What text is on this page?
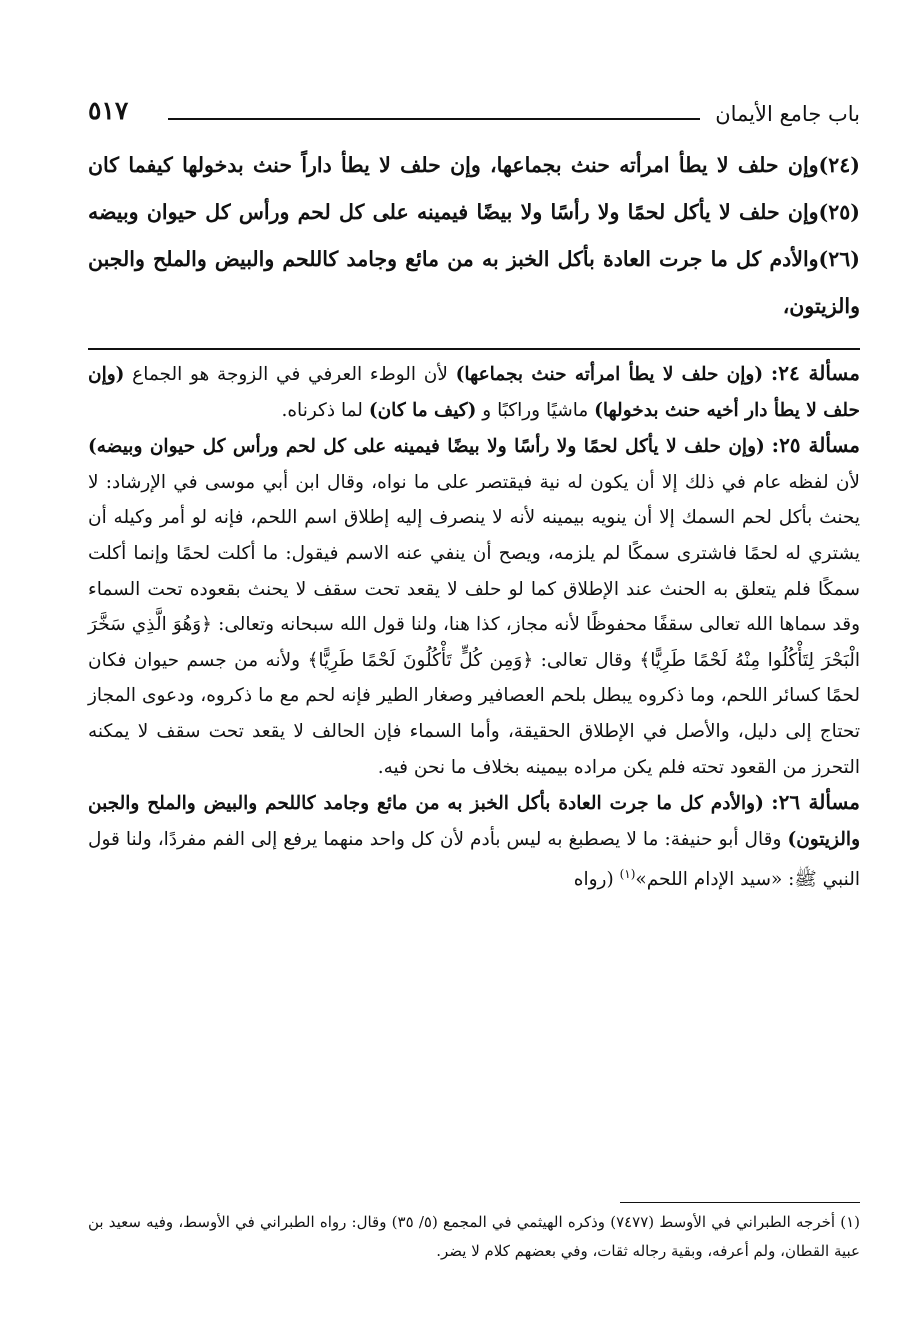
باب جامع الأيمان
٥١٧
(٢٤)وإن حلف لا يطأ امرأته حنث بجماعها، وإن حلف لا يطأ داراً حنث بدخولها كيفما كان (٢٥)وإن حلف لا يأكل لحمًا ولا رأسًا ولا بيضًا فيمينه على كل لحم ورأس كل حيوان وبيضه (٢٦)والأدم كل ما جرت العادة بأكل الخبز به من مائع وجامد كاللحم والبيض والملح والجبن والزيتون،

مسألة ٢٤: (وإن حلف لا يطأ امرأته حنث بجماعها) لأن الوطء العرفي في الزوجة هو الجماع (وإن حلف لا يطأ دار أخيه حنث بدخولها) ماشيًا وراكبًا و (كيف ما كان) لما ذكرناه.

مسألة ٢٥: (وإن حلف لا يأكل لحمًا ولا رأسًا ولا بيضًا فيمينه على كل لحم ورأس كل حيوان وبيضه) لأن لفظه عام في ذلك إلا أن يكون له نية فيقتصر على ما نواه، وقال ابن أبي موسى في الإرشاد: لا يحنث بأكل لحم السمك إلا أن ينويه بيمينه لأنه لا ينصرف إليه إطلاق اسم اللحم، فإنه لو أمر وكيله أن يشتري له لحمًا فاشترى سمكًا لم يلزمه، ويصح أن ينفي عنه الاسم فيقول: ما أكلت لحمًا وإنما أكلت سمكًا فلم يتعلق به الحنث عند الإطلاق كما لو حلف لا يقعد تحت سقف لا يحنث بقعوده تحت السماء وقد سماها الله تعالى سقفًا محفوظًا لأنه مجاز، كذا هنا، ولنا قول الله سبحانه وتعالى: ﴿وَهُوَ الَّذِي سَخَّرَ الْبَحْرَ لِتَأْكُلُوا مِنْهُ لَحْمًا طَرِيًّا﴾ وقال تعالى: ﴿وَمِن كُلٍّ تَأْكُلُونَ لَحْمًا طَرِيًّا﴾ ولأنه من جسم حيوان فكان لحمًا كسائر اللحم، وما ذكروه يبطل بلحم العصافير وصغار الطير فإنه لحم مع ما ذكروه، ودعوى المجاز تحتاج إلى دليل، والأصل في الإطلاق الحقيقة، وأما السماء فإن الحالف لا يقعد تحت سقف لا يمكنه التحرز من القعود تحته فلم يكن مراده بيمينه بخلاف ما نحن فيه.

مسألة ٢٦: (والأدم كل ما جرت العادة بأكل الخبز به من مائع وجامد كاللحم والبيض والملح والجبن والزيتون) وقال أبو حنيفة: ما لا يصطبغ به ليس بأدم لأن كل واحد منهما يرفع إلى الفم مفردًا، ولنا قول النبي ﷺ: «سيد الإدام اللحم»$^{(١)}$ (رواه

(١) أخرجه الطبراني في الأوسط (٧٤٧٧) وذكره الهيثمي في المجمع (٥/ ٣٥) وقال: رواه الطبراني في الأوسط، وفيه سعيد بن عبية القطان، ولم أعرفه، وبقية رجاله ثقات، وفي بعضهم كلام لا يضر.
